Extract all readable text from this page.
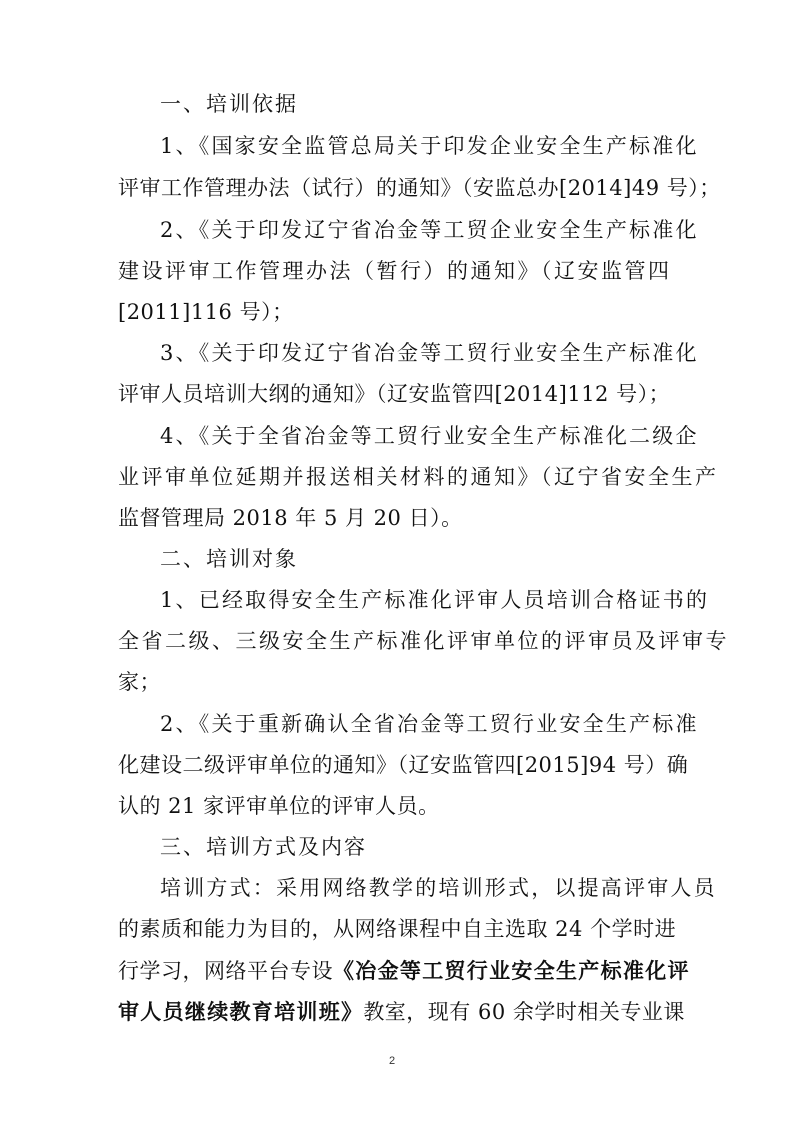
一、培训依据
1、《国家安全监管总局关于印发企业安全生产标准化
评审工作管理办法（试行）的通知》（安监总办[2014]49 号）；
2、《关于印发辽宁省冶金等工贸企业安全生产标准化
建设评审工作管理办法（暂行）的通知》（辽安监管四
[2011]116 号）；
3、《关于印发辽宁省冶金等工贸行业安全生产标准化
评审人员培训大纲的通知》（辽安监管四[2014]112 号）；
4、《关于全省冶金等工贸行业安全生产标准化二级企
业评审单位延期并报送相关材料的通知》（辽宁省安全生产
监督管理局 2018 年 5 月 20 日）。
二、培训对象
1、已经取得安全生产标准化评审人员培训合格证书的
全省二级、三级安全生产标准化评审单位的评审员及评审专
家；
2、《关于重新确认全省冶金等工贸行业安全生产标准
化建设二级评审单位的通知》（辽安监管四[2015]94 号）确
认的 21 家评审单位的评审人员。
三、培训方式及内容
培训方式：采用网络教学的培训形式，以提高评审人员
的素质和能力为目的，从网络课程中自主选取 24 个学时进
行学习，网络平台专设《冶金等工贸行业安全生产标准化评
审人员继续教育培训班》教室，现有 60 余学时相关专业课
2
